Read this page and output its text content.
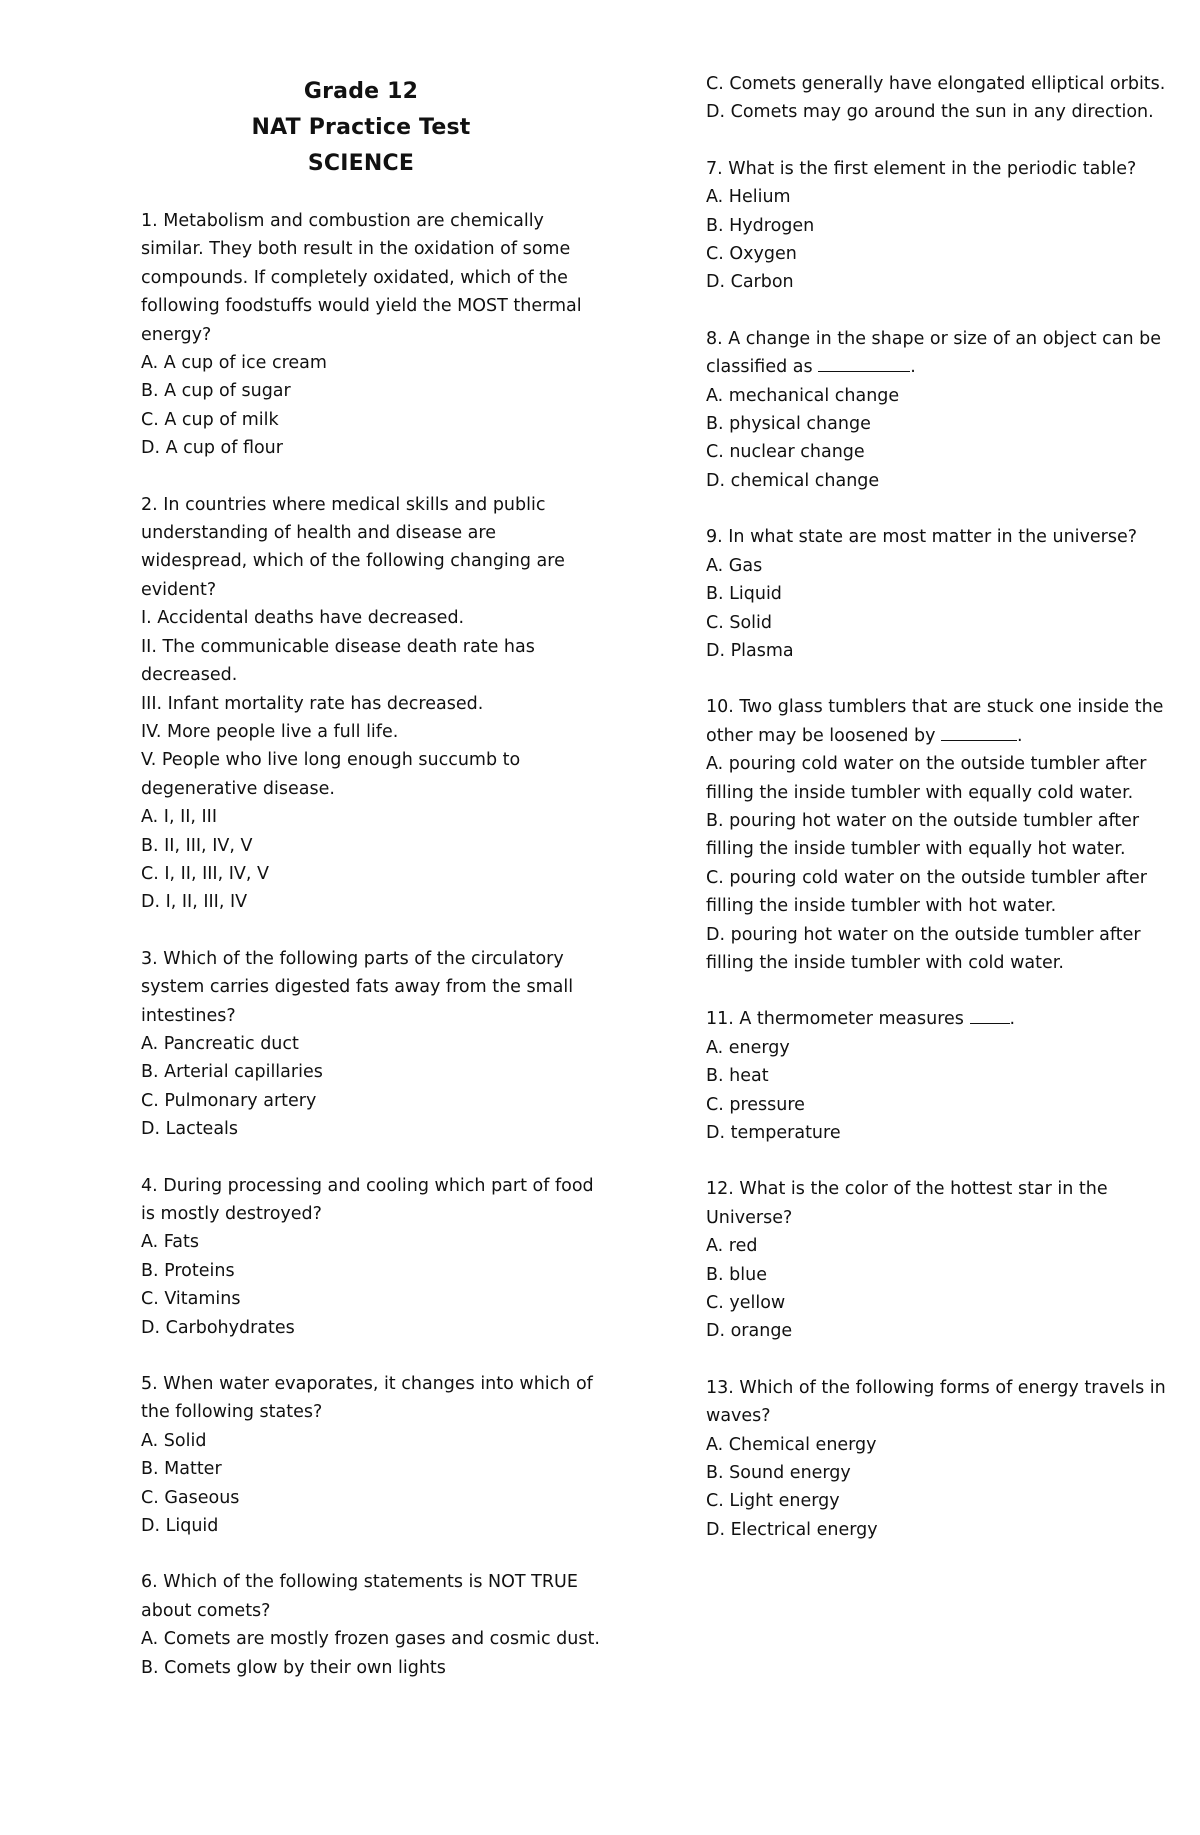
Grade 12
NAT Practice Test
SCIENCE
1. Metabolism and combustion are chemically similar. They both result in the oxidation of some compounds. If completely oxidated, which of the following foodstuffs would yield the MOST thermal energy?
A. A cup of ice cream
B. A cup of sugar
C. A cup of milk
D. A cup of flour
2. In countries where medical skills and public understanding of health and disease are widespread, which of the following changing are evident?
I. Accidental deaths have decreased.
II. The communicable disease death rate has decreased.
III. Infant mortality rate has decreased.
IV. More people live a full life.
V. People who live long enough succumb to degenerative disease.
A. I, II, III
B. II, III, IV, V
C. I, II, III, IV, V
D. I, II, III, IV
3. Which of the following parts of the circulatory system carries digested fats away from the small intestines?
A. Pancreatic duct
B. Arterial capillaries
C. Pulmonary artery
D. Lacteals
4. During processing and cooling which part of food is mostly destroyed?
A. Fats
B. Proteins
C. Vitamins
D. Carbohydrates
5. When water evaporates, it changes into which of the following states?
A. Solid
B. Matter
C. Gaseous
D. Liquid
6. Which of the following statements is NOT TRUE about comets?
A. Comets are mostly frozen gases and cosmic dust.
B. Comets glow by their own lights
C. Comets generally have elongated elliptical orbits.
D. Comets may go around the sun in any direction.
7. What is the first element in the periodic table?
A. Helium
B. Hydrogen
C. Oxygen
D. Carbon
8. A change in the shape or size of an object can be classified as	.
A. mechanical change
B. physical change
C. nuclear change
D. chemical change
9. In what state are most matter in the universe?
A. Gas
B. Liquid
C. Solid
D. Plasma
10. Two glass tumblers that are stuck one inside the other may be loosened by	.
A. pouring cold water on the outside tumbler after filling the inside tumbler with equally cold water.
B. pouring hot water on the outside tumbler after filling the inside tumbler with equally hot water.
C. pouring cold water on the outside tumbler after filling the inside tumbler with hot water.
D. pouring hot water on the outside tumbler after filling the inside tumbler with cold water.
11. A thermometer measures	.
A. energy
B. heat
C. pressure
D. temperature
12. What is the color of the hottest star in the Universe?
A. red
B. blue
C. yellow
D. orange
13. Which of the following forms of energy travels in waves?
A. Chemical energy
B. Sound energy
C. Light energy
D. Electrical energy
